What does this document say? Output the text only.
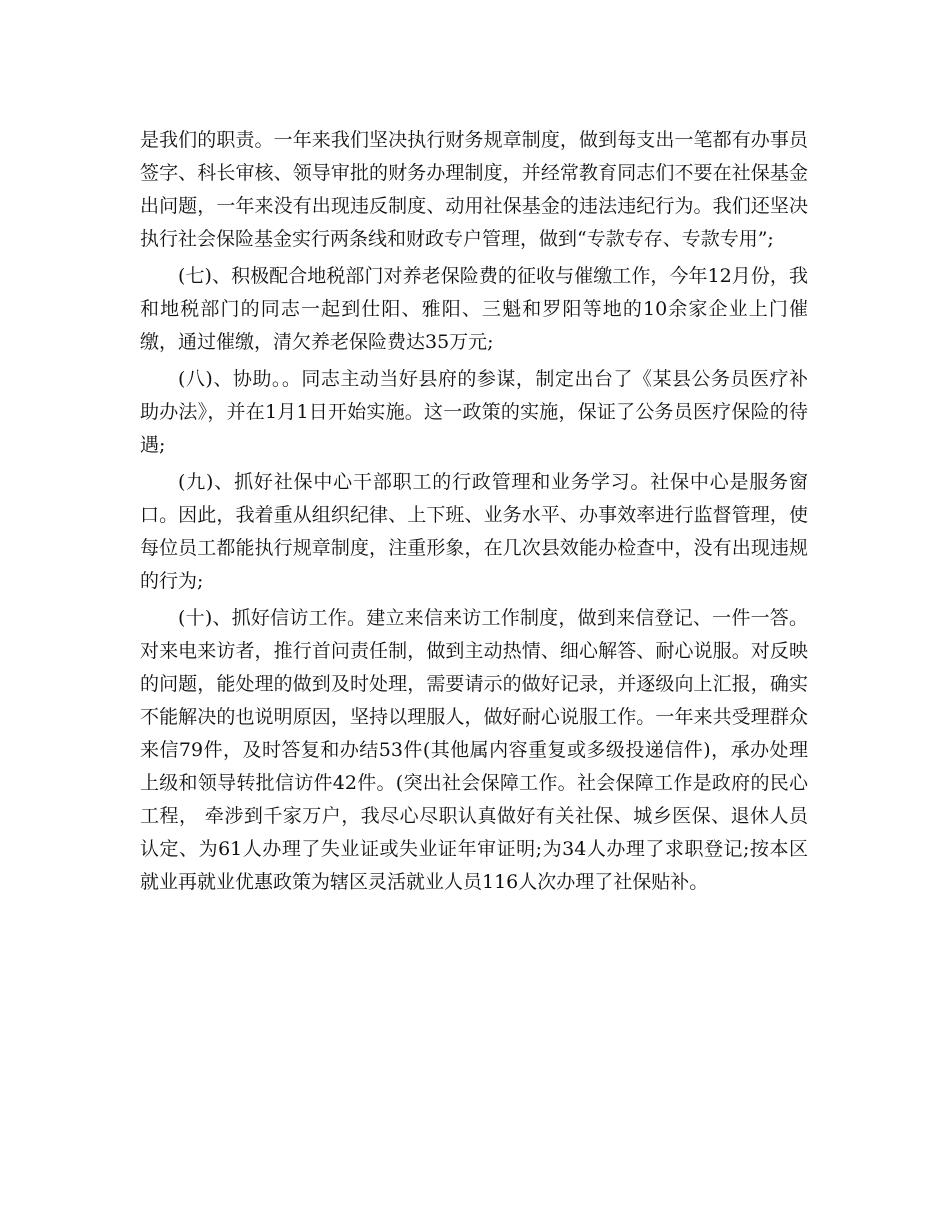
是我们的职责。一年来我们坚决执行财务规章制度，做到每支出一笔都有办事员签字、科长审核、领导审批的财务办理制度，并经常教育同志们不要在社保基金出问题，一年来没有出现违反制度、动用社保基金的违法违纪行为。我们还坚决执行社会保险基金实行两条线和财政专户管理，做到“专款专存、专款专用”;

(七)、积极配合地税部门对养老保险费的征收与催缴工作，今年12月份，我和地税部门的同志一起到仕阳、雅阳、三魁和罗阳等地的10余家企业上门催缴，通过催缴，清欠养老保险费达35万元;

(八)、协助。。同志主动当好县府的参谋，制定出台了《某县公务员医疗补助办法》，并在1月1日开始实施。这一政策的实施，保证了公务员医疗保险的待遇;

(九)、抓好社保中心干部职工的行政管理和业务学习。社保中心是服务窗口。因此，我着重从组织纪律、上下班、业务水平、办事效率进行监督管理，使每位员工都能执行规章制度，注重形象，在几次县效能办检查中，没有出现违规的行为;

(十)、抓好信访工作。建立来信来访工作制度，做到来信登记、一件一答。对来电来访者，推行首问责任制，做到主动热情、细心解答、耐心说服。对反映的问题，能处理的做到及时处理，需要请示的做好记录，并逐级向上汇报，确实不能解决的也说明原因，坚持以理服人，做好耐心说服工作。一年来共受理群众来信79件，及时答复和办结53件(其他属内容重复或多级投递信件)，承办处理上级和领导转批信访件42件。(突出社会保障工作。社会保障工作是政府的民心工程， 牵涉到千家万户，我尽心尽职认真做好有关社保、城乡医保、退休人员认定、为61人办理了失业证或失业证年审证明;为34人办理了求职登记;按本区就业再就业优惠政策为辖区灵活就业人员116人次办理了社保贴补。
